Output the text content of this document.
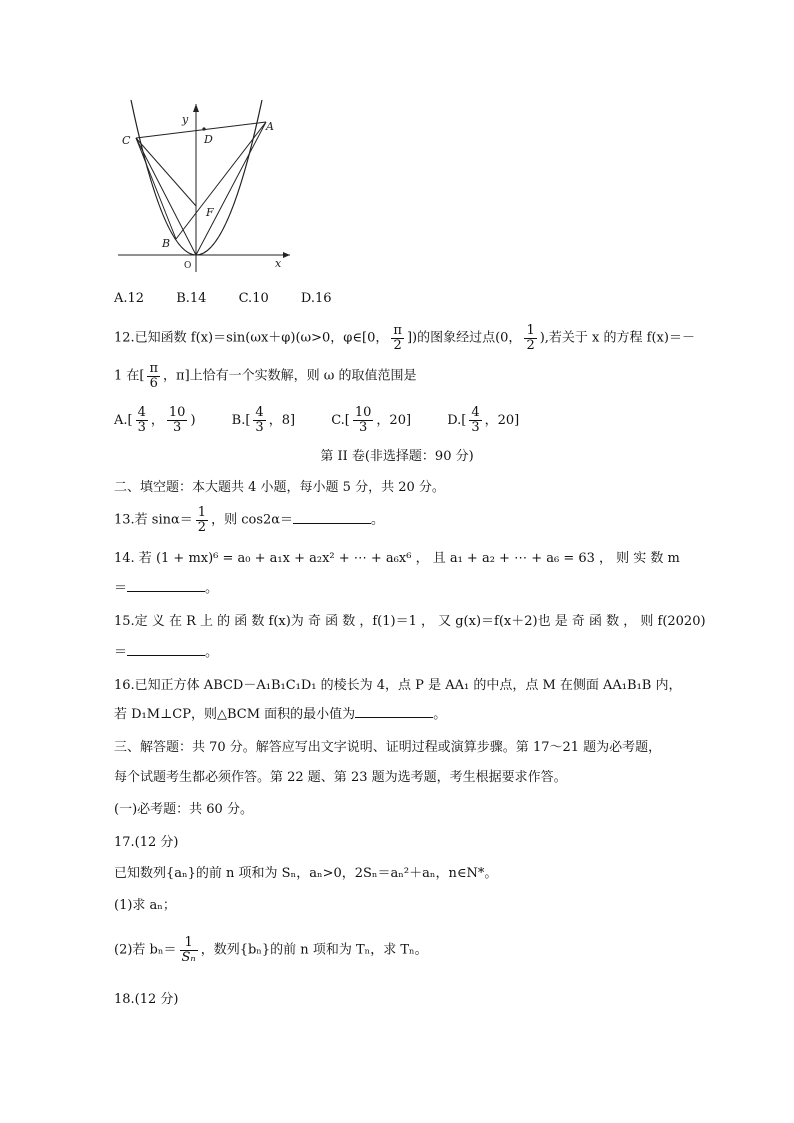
C
A
D
F
B
O	x
y
A.12 B.14 C.10 D.16
12.已知函数 f(x)＝sin(ωx＋φ)(ω>0，φ∈[0， $\frac{\pi}{2}$ ])的图象经过点(0， $\frac{1}{2}$ ),若关于 x 的方程 f(x)＝－
1 在[ $\frac{\pi}{6}$ ，π]上恰有一个实数解，则 ω 的取值范围是
$A.[ \frac{4}{3}$ ， $\frac{10}{3}$ )	$B.[ \frac{4}{3}$ ，8]	$C.[ \frac{10}{3}$ ，20]	$D.[ \frac{4}{3}$ ，20]
第 II 卷(非选择题：90 分)
二、填空题：本大题共 4 小题，每小题 5 分，共 20 分。
13.若 $\sin\alpha= \frac{1}{2}$ ，则 cos2α＝	。
14. 若 (1 + mx)⁶ = a₀ + a₁x + a₂x² + ⋯ + a₆x⁶ ， 且 a₁ + a₂ + ⋯ + a₆ = 63 ， 则 实 数 m
＝	。
15.定 义 在 R 上 的 函 数 f(x)为 奇 函 数 ，f(1)＝1 ， 又 g(x)＝f(x＋2)也 是 奇 函 数 ， 则 f(2020)
＝	。
16.已知正方体 ABCD－A₁B₁C₁D₁ 的棱长为 4，点 P 是 AA₁ 的中点，点 M 在侧面 AA₁B₁B 内，
若 D₁M⊥CP，则△BCM 面积的最小值为	。
三、解答题：共 70 分。解答应写出文字说明、证明过程或演算步骤。第 17～21 题为必考题，
每个试题考生都必须作答。第 22 题、第 23 题为选考题，考生根据要求作答。
(一)必考题：共 60 分。
17.(12 分)
已知数列{aₙ}的前 n 项和为 Sₙ，aₙ>0，2Sₙ＝aₙ²＋aₙ，n∈N*。
(1)求 aₙ；
(2)若 $b_n= \frac{1}{\text{Sₙ}}$ ，数列{bₙ}的前 n 项和为 Tₙ，求 Tₙ。
18.(12 分)
